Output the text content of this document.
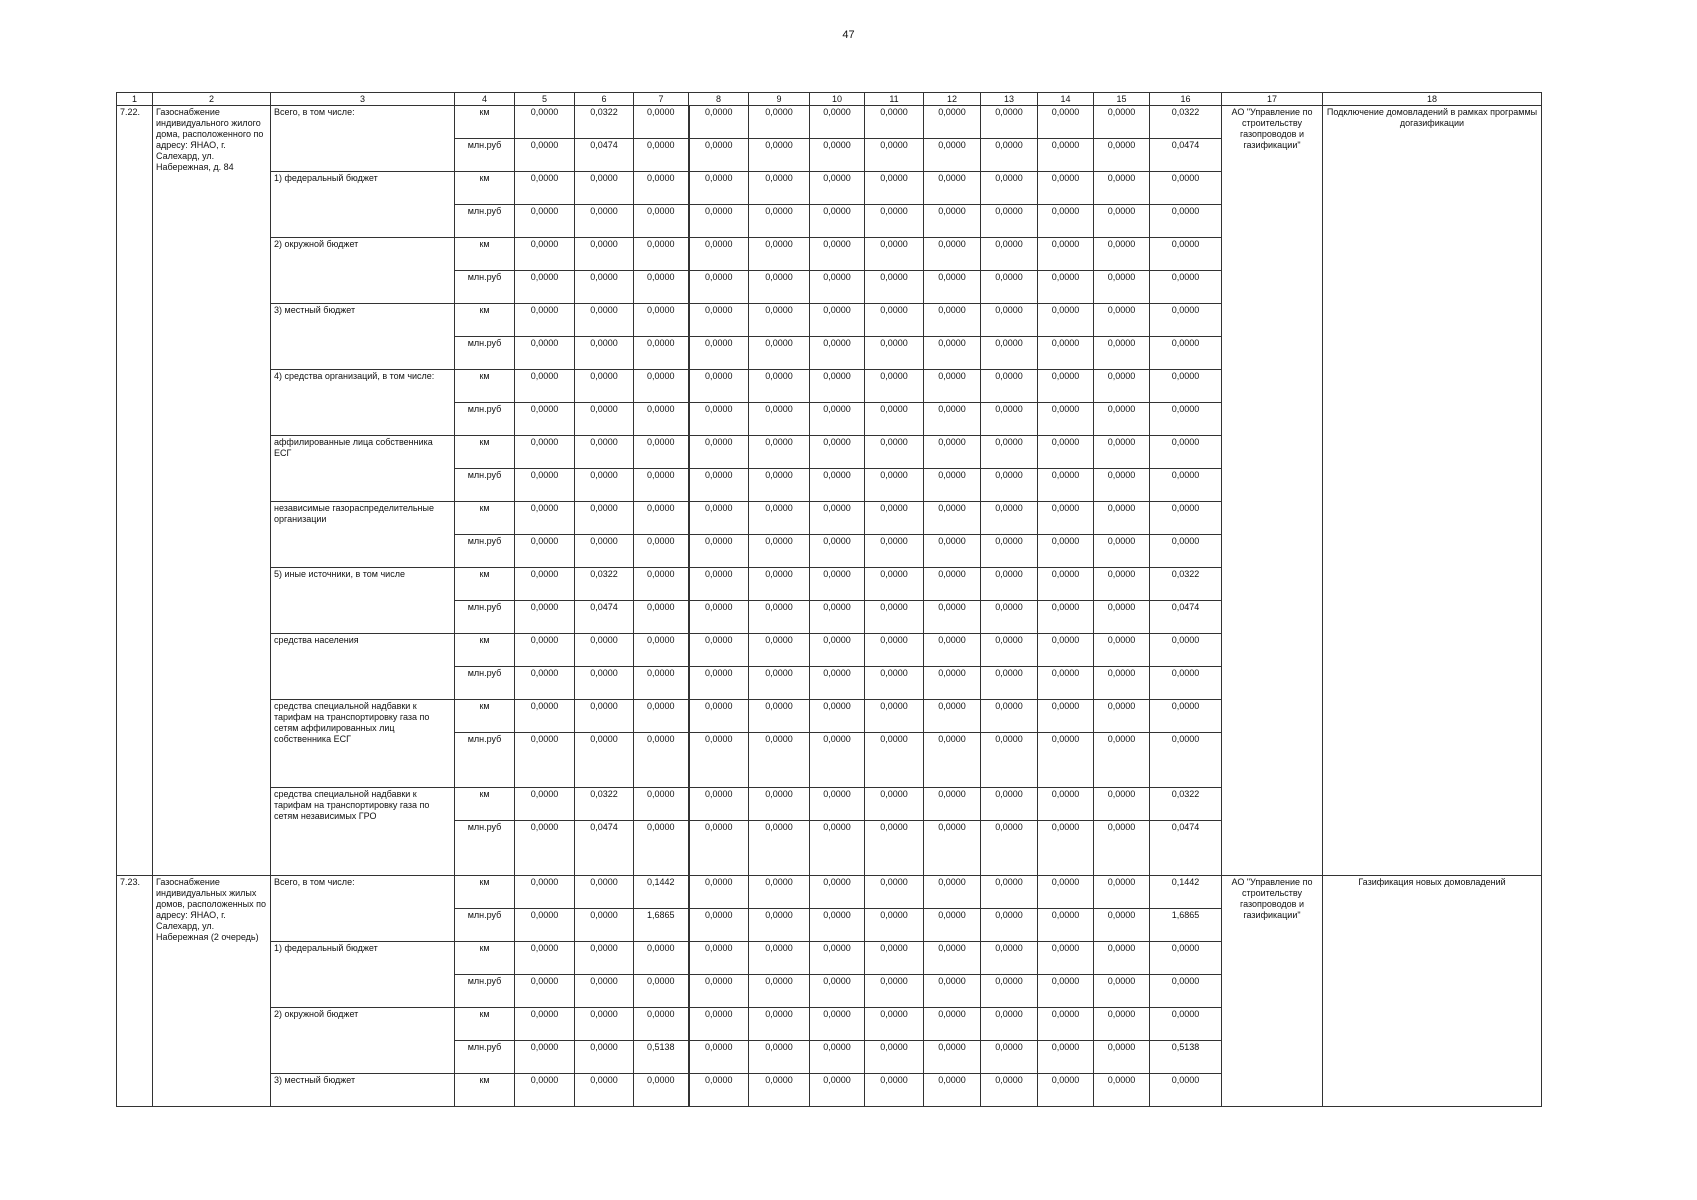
47
1	2	3	4	5	6	7	8	9	10	11	12	13	14	15	16	17	18
7.22.	Газоснабжение индивидуального жилого дома, расположенного по адресу: ЯНАО, г. Салехард, ул. Набережная, д. 84	Всего, в том числе:	км	0,0000	0,0322	0,0000	0,0000	0,0000	0,0000	0,0000	0,0000	0,0000	0,0000	0,0000	0,0322	АО "Управление по строительству газопроводов и газификации"	Подключение домовладений в рамках программы догазификации
			млн.руб	0,0000	0,0474	0,0000	0,0000	0,0000	0,0000	0,0000	0,0000	0,0000	0,0000	0,0000	0,0474		
		1) федеральный бюджет	км	0,0000	0,0000	0,0000	0,0000	0,0000	0,0000	0,0000	0,0000	0,0000	0,0000	0,0000	0,0000		
			млн.руб	0,0000	0,0000	0,0000	0,0000	0,0000	0,0000	0,0000	0,0000	0,0000	0,0000	0,0000	0,0000		
		2) окружной бюджет	км	0,0000	0,0000	0,0000	0,0000	0,0000	0,0000	0,0000	0,0000	0,0000	0,0000	0,0000	0,0000		
			млн.руб	0,0000	0,0000	0,0000	0,0000	0,0000	0,0000	0,0000	0,0000	0,0000	0,0000	0,0000	0,0000		
		3) местный бюджет	км	0,0000	0,0000	0,0000	0,0000	0,0000	0,0000	0,0000	0,0000	0,0000	0,0000	0,0000	0,0000		
			млн.руб	0,0000	0,0000	0,0000	0,0000	0,0000	0,0000	0,0000	0,0000	0,0000	0,0000	0,0000	0,0000		
		4) средства организаций, в том числе:	км	0,0000	0,0000	0,0000	0,0000	0,0000	0,0000	0,0000	0,0000	0,0000	0,0000	0,0000	0,0000		
			млн.руб	0,0000	0,0000	0,0000	0,0000	0,0000	0,0000	0,0000	0,0000	0,0000	0,0000	0,0000	0,0000		
		аффилированные лица собственника ЕСГ	км	0,0000	0,0000	0,0000	0,0000	0,0000	0,0000	0,0000	0,0000	0,0000	0,0000	0,0000	0,0000		
			млн.руб	0,0000	0,0000	0,0000	0,0000	0,0000	0,0000	0,0000	0,0000	0,0000	0,0000	0,0000	0,0000		
		независимые газораспределительные организации	км	0,0000	0,0000	0,0000	0,0000	0,0000	0,0000	0,0000	0,0000	0,0000	0,0000	0,0000	0,0000		
			млн.руб	0,0000	0,0000	0,0000	0,0000	0,0000	0,0000	0,0000	0,0000	0,0000	0,0000	0,0000	0,0000		
		5) иные источники, в том числе	км	0,0000	0,0322	0,0000	0,0000	0,0000	0,0000	0,0000	0,0000	0,0000	0,0000	0,0000	0,0322		
			млн.руб	0,0000	0,0474	0,0000	0,0000	0,0000	0,0000	0,0000	0,0000	0,0000	0,0000	0,0000	0,0474		
		средства населения	км	0,0000	0,0000	0,0000	0,0000	0,0000	0,0000	0,0000	0,0000	0,0000	0,0000	0,0000	0,0000		
			млн.руб	0,0000	0,0000	0,0000	0,0000	0,0000	0,0000	0,0000	0,0000	0,0000	0,0000	0,0000	0,0000		
		средства специальной надбавки к тарифам на транспортировку газа по сетям аффилированных лиц собственника ЕСГ	км	0,0000	0,0000	0,0000	0,0000	0,0000	0,0000	0,0000	0,0000	0,0000	0,0000	0,0000	0,0000		
			млн.руб	0,0000	0,0000	0,0000	0,0000	0,0000	0,0000	0,0000	0,0000	0,0000	0,0000	0,0000	0,0000		
		средства специальной надбавки к тарифам на транспортировку газа по сетям независимых ГРО	км	0,0000	0,0322	0,0000	0,0000	0,0000	0,0000	0,0000	0,0000	0,0000	0,0000	0,0000	0,0322		
			млн.руб	0,0000	0,0474	0,0000	0,0000	0,0000	0,0000	0,0000	0,0000	0,0000	0,0000	0,0000	0,0474		
7.23.	Газоснабжение индивидуальных жилых домов, расположенных по адресу: ЯНАО, г. Салехард, ул. Набережная (2 очередь)	Всего, в том числе:	км	0,0000	0,0000	0,1442	0,0000	0,0000	0,0000	0,0000	0,0000	0,0000	0,0000	0,0000	0,1442	АО "Управление по строительству газопроводов и газификации"	Газификация новых домовладений
			млн.руб	0,0000	0,0000	1,6865	0,0000	0,0000	0,0000	0,0000	0,0000	0,0000	0,0000	0,0000	1,6865		
		1) федеральный бюджет	км	0,0000	0,0000	0,0000	0,0000	0,0000	0,0000	0,0000	0,0000	0,0000	0,0000	0,0000	0,0000		
			млн.руб	0,0000	0,0000	0,0000	0,0000	0,0000	0,0000	0,0000	0,0000	0,0000	0,0000	0,0000	0,0000		
		2) окружной бюджет	км	0,0000	0,0000	0,0000	0,0000	0,0000	0,0000	0,0000	0,0000	0,0000	0,0000	0,0000	0,0000		
			млн.руб	0,0000	0,0000	0,5138	0,0000	0,0000	0,0000	0,0000	0,0000	0,0000	0,0000	0,0000	0,5138		
		3) местный бюджет	км	0,0000	0,0000	0,0000	0,0000	0,0000	0,0000	0,0000	0,0000	0,0000	0,0000	0,0000	0,0000		
